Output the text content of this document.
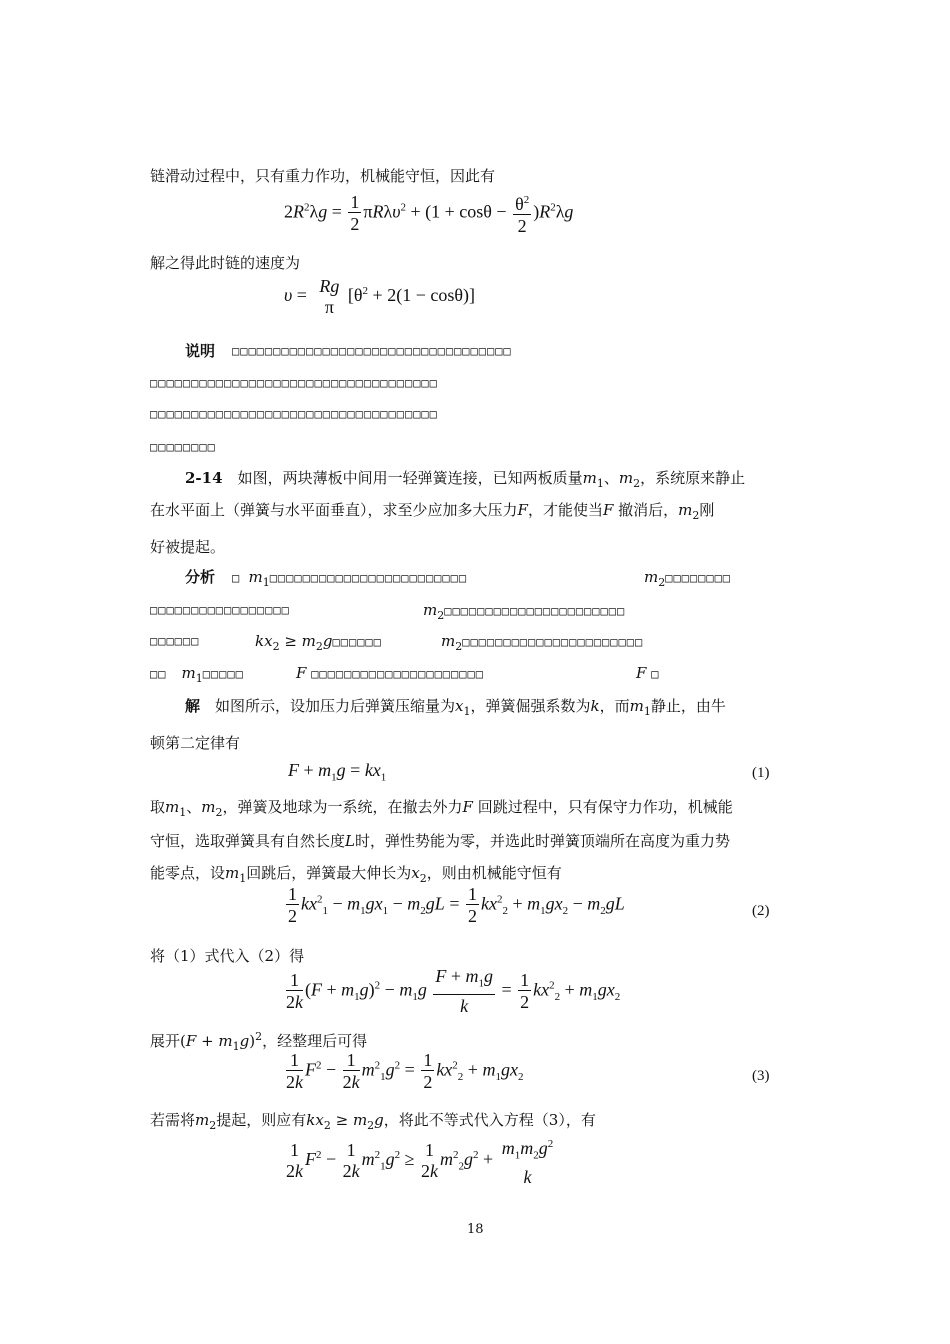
链滑动过程中，只有重力作功，机械能守恒，因此有
$2R^2\lambda g = \frac{1}{2} \pi R\lambda\upsilon^2 + (1 + \cos\theta - \frac{\theta^2}{2} )R^2\lambda g$
解之得此时链的速度为
υ = Rg
π
$[\theta^2 + 2(1 - \cos\theta)]$
说明 □□□□□□□□□□□□□□□□□□□□□□□□□□□□□□□□□□
□□□□□□□□□□□□□□□□□□□□□□□□□□□□□□□□□□□
□□□□□□□□□□□□□□□□□□□□□□□□□□□□□□□□□□□
□□□□□□□□
2-14　 如图，两块薄板中间用一轻弹簧连接，已知两板质量$m_1$、$m_2$，系统原来静止
在水平面上（弹簧与水平面垂直），求至少应加多大压力F，才能使当F 撤消后，$m_2$刚
好被提起。
分析 □ $m_1□□□□□□□□□□□□□□□□□□□□□□□□$	$m_2□□□□□□□□$
□□□□□□□□□□□□□□□□□	$m_2□□□□□□□□□□□□□□□□□□□□□□$
□□□□□□	$kx_2$ ≥ $m_2g□□□□□□$	$m_2□□□□□□□□□□□□□□□□□□□□□□$
□□　 $m_1□□□□□$	F □□□□□□□□□□□□□□□□□□□□□	F □
解　 如图所示，设加压力后弹簧压缩量为$x_1$，弹簧倔强系数为k，而$m_1$静止，由牛
顿第二定律有
$F + m_1g = kx_1$	(1)
取$m_1$、$m_2$，弹簧及地球为一系统，在撤去外力F 回跳过程中，只有保守力作功，机械能
守恒，选取弹簧具有自然长度L时，弹性势能为零，并选此时弹簧顶端所在高度为重力势
能零点，设$m_1$回跳后，弹簧最大伸长为$x_2$，则由机械能守恒有
$\frac{1}{2} kx^2_1 - m_1gx_1 - m_2gL = \frac{1}{2} kx^2_2 + m_1gx_2 - m_2gL$	(2)
将（1）式代入（2）得
$\frac{1}{2k} (F + m_1g)^2 - m_1g \frac{F + m_1g}{k} = \frac{1}{2} kx^2_2 + m_1gx_2$
展开$(F + m_1g)^2$，经整理后可得
$\frac{1}{2k} F^2 - \frac{1}{2k} m^2_1g^2 = \frac{1}{2} kx^2_2 + m_1gx_2$	(3)
若需将$m_2$提起，则应有$kx_2 \ge m_2g$，将此不等式代入方程（3），有
1
2k
$F^2 - 1$
2k
$m^2_1g^2 \ge 1$
2k
$m^2_2g^2$ +
$m_1m_2g^2$
k
18
